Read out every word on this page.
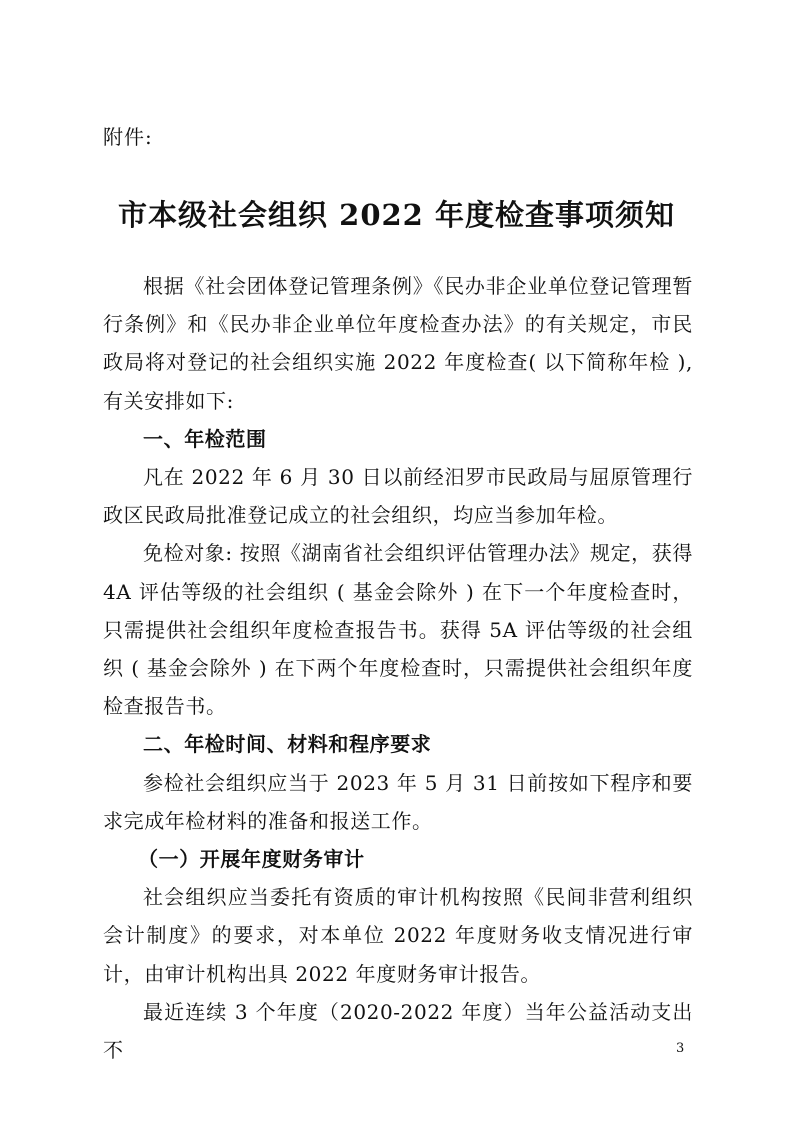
附件:
市本级社会组织 2022 年度检查事项须知

根据《社会团体登记管理条例》《民办非企业单位登记管理暂行条例》和《民办非企业单位年度检查办法》的有关规定，市民政局将对登记的社会组织实施 2022 年度检查( 以下简称年检 ), 有关安排如下:

一、年检范围

凡在 2022 年 6 月 30 日以前经汨罗市民政局与屈原管理行政区民政局批准登记成立的社会组织，均应当参加年检。

免检对象: 按照《湖南省社会组织评估管理办法》规定，获得 4A 评估等级的社会组织 ( 基金会除外 ) 在下一个年度检查时，只需提供社会组织年度检查报告书。获得 5A 评估等级的社会组织 ( 基金会除外 ) 在下两个年度检查时，只需提供社会组织年度检查报告书。

二、年检时间、材料和程序要求

参检社会组织应当于 2023 年 5 月 31 日前按如下程序和要求完成年检材料的准备和报送工作。

（一）开展年度财务审计

社会组织应当委托有资质的审计机构按照《民间非营利组织会计制度》的要求，对本单位 2022 年度财务收支情况进行审计，由审计机构出具 2022 年度财务审计报告。

最近连续 3 个年度（2020-2022 年度）当年公益活动支出不	3
